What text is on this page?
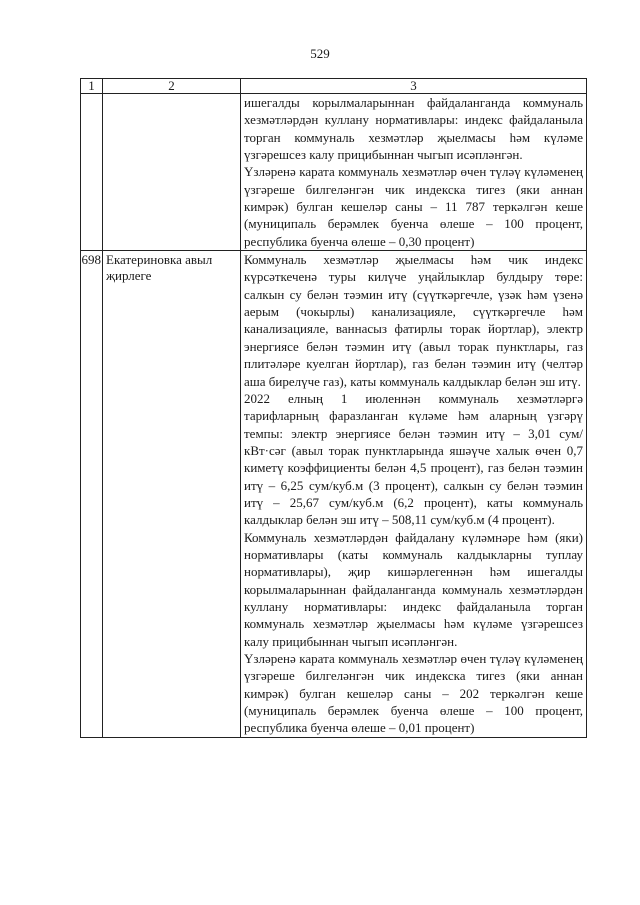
529
1	2	3

		ишегалды корылмаларыннан файдаланганда коммуналь хезмәтләрдән куллану нормативлары: индекс файдаланыла торган коммуналь хезмәтләр җыелмасы һәм күләме үзгәрешсез калу прицибыннан чыгып исәпләнгән.

Үзләренә карата коммуналь хезмәтләр өчен түләү күләменең үзгәреше билгеләнгән чик индекска тигез (яки аннан кимрәк) булган кешеләр саны – 11 787 теркәлгән кеше (муниципаль берәмлек буенча өлеше – 100 процент, республика буенча өлеше – 0,30 процент)

698	Екатериновка авыл җирлеге	Коммуналь хезмәтләр җыелмасы һәм чик индекс күрсәткеченә туры килүче уңайлыклар булдыру төре: салкын су белән тәэмин итү (сүүткәргечле, үзәк һәм үзенә аерым (чокырлы) канализацияле, сүүткәргечле һәм канализацияле, ваннасыз фатирлы торак йортлар), электр энергиясе белән тәэмин итү (авыл торак пунктлары, газ плитәләре куелган йортлар), газ белән тәэмин итү (челтәр аша бирелүче газ), каты коммуналь калдыклар белән эш итү.

2022 елның 1 июленнән коммуналь хезмәтләргә тарифларның фаразланган күләме һәм аларның үзгәрү темпы: электр энергиясе белән тәэмин итү – 3,01 сум/кВт·сәг (авыл торак пунктларында яшәүче халык өчен 0,7 киметү коэффициенты белән 4,5 процент), газ белән тәэмин итү – 6,25 сум/куб.м (3 процент), салкын су белән тәэмин итү – 25,67 сум/куб.м (6,2 процент), каты коммуналь калдыклар белән эш итү – 508,11 сум/куб.м (4 процент).

Коммуналь хезмәтләрдән файдалану күләмнәре һәм (яки) нормативлары (каты коммуналь калдыкларны туплау нормативлары), җир кишәрлегеннән һәм ишегалды корылмаларыннан файдаланганда коммуналь хезмәтләрдән куллану нормативлары: индекс файдаланыла торган коммуналь хезмәтләр җыелмасы һәм күләме үзгәрешсез калу прицибыннан чыгып исәпләнгән.

Үзләренә карата коммуналь хезмәтләр өчен түләү күләменең үзгәреше билгеләнгән чик индекска тигез (яки аннан кимрәк) булган кешеләр саны – 202 теркәлгән кеше (муниципаль берәмлек буенча өлеше – 100 процент, республика буенча өлеше – 0,01 процент)
